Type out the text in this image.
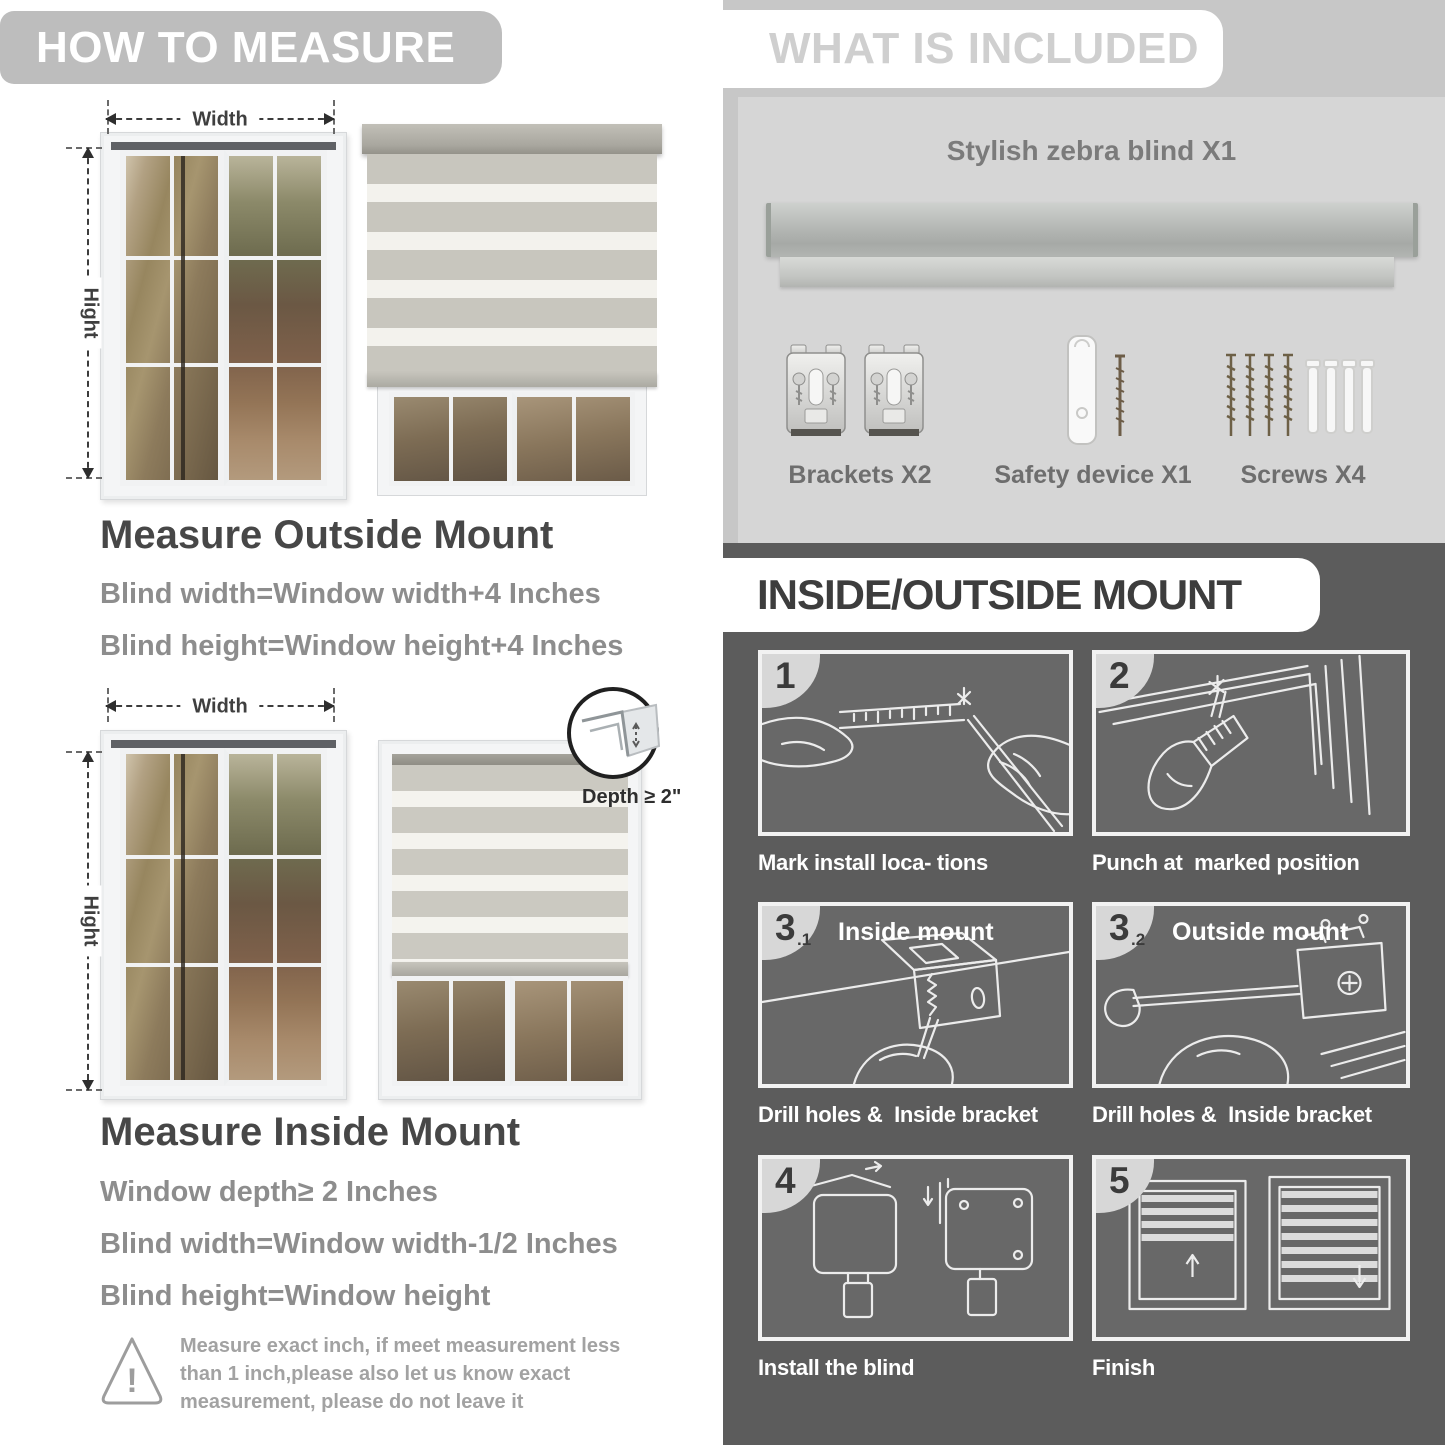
HOW TO MEASURE
Width
Hight
Measure Outside Mount
Blind width=Window width+4 Inches
Blind height=Window height+4 Inches
Depth ≥ 2"
Width
Hight
Measure Inside Mount
Window depth≥ 2 Inches
Blind width=Window width-1/2 Inches
Blind height=Window height
!
Measure exact inch, if meet measurement less
than 1 inch,please also let us know exact
measurement, please do not leave it
WHAT IS INCLUDED
Stylish zebra blind X1
Brackets X2	Safety device X1 Screws X4
INSIDE/OUTSIDE MOUNT
1
Mark install loca- tions
2
Punch at  marked position
3 .1 Inside mount
Drill holes &  Inside bracket
3 .2 Outside mount
Drill holes &  Inside bracket
4
Install the blind
5
Finish
